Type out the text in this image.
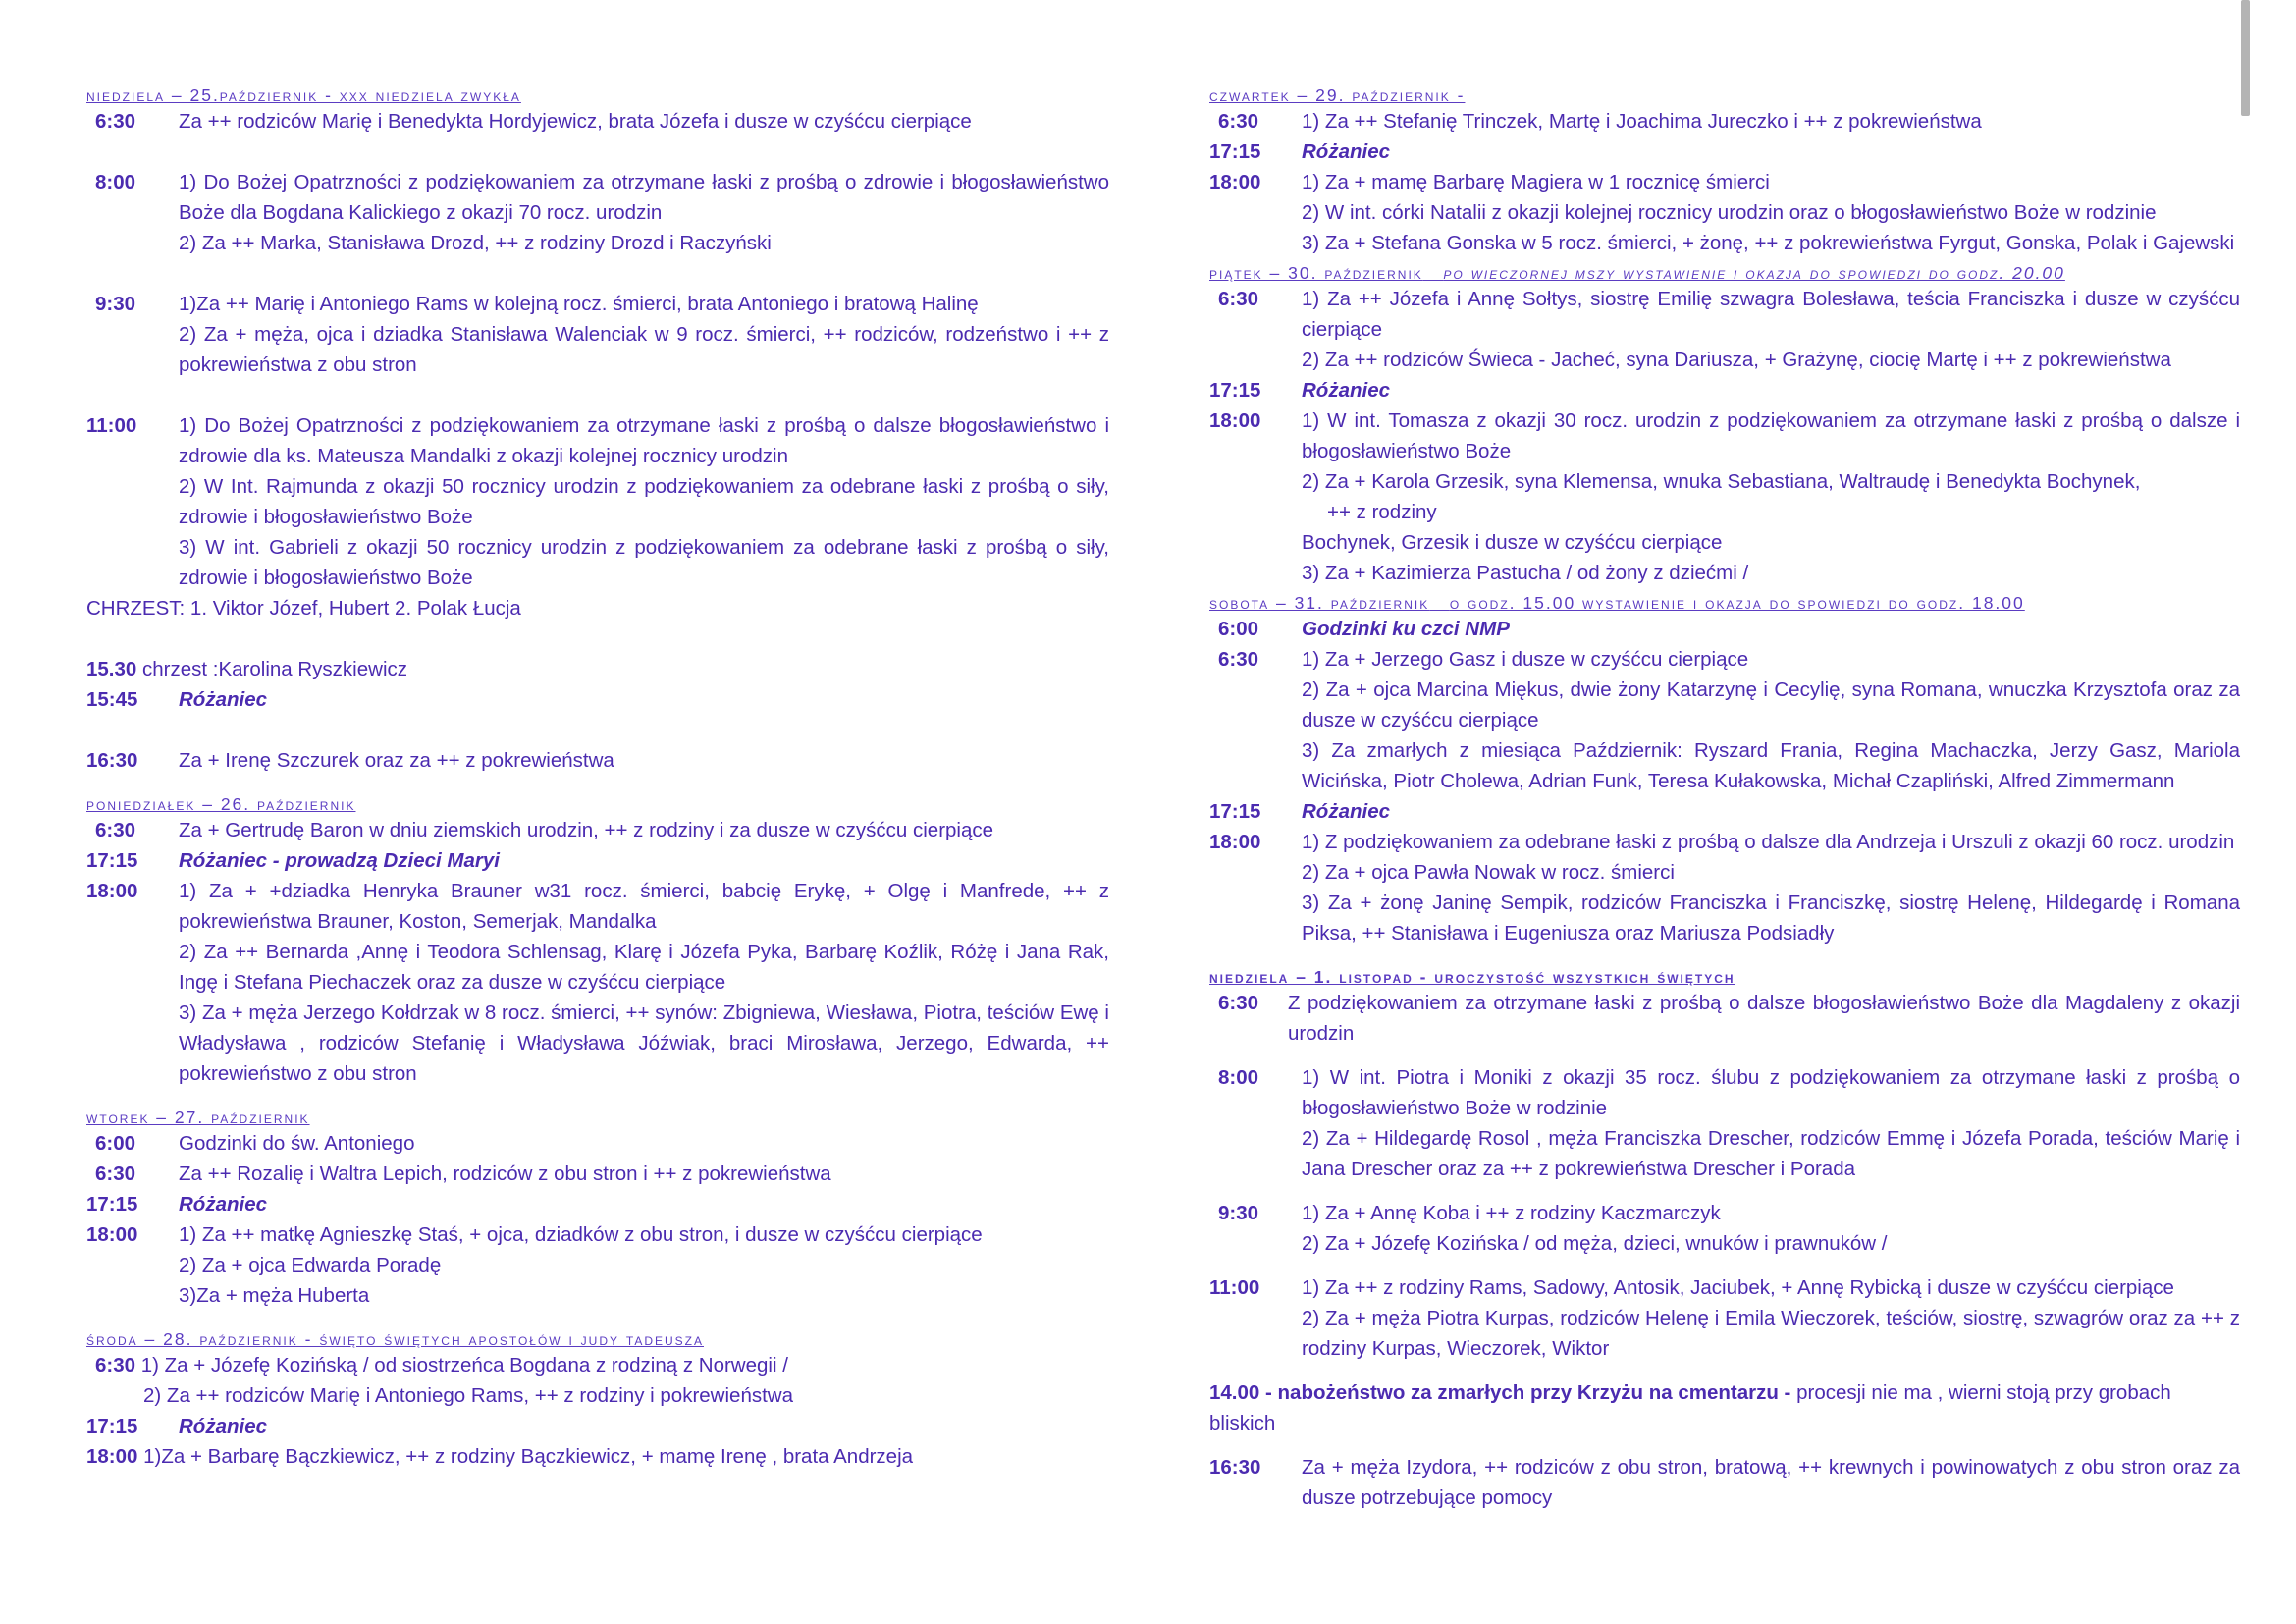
niedziela – 25.październik - xxx niedziela zwykła
6:30	Za ++ rodziców Marię i Benedykta Hordyjewicz, brata Józefa i dusze w czyśćcu cierpiące
8:00	1) Do Bożej Opatrzności z podziękowaniem za otrzymane łaski z prośbą o zdrowie i błogosławieństwo Boże dla Bogdana Kalickiego z okazji 70 rocz. urodzin
2) Za ++ Marka, Stanisława Drozd, ++ z rodziny Drozd i Raczyński
9:30	1)Za ++ Marię i Antoniego Rams w kolejną rocz. śmierci, brata Antoniego i bratową Halinę
2) Za + męża, ojca i dziadka Stanisława Walenciak w 9 rocz. śmierci, ++ rodziców, rodzeństwo i ++ z pokrewieństwa z obu stron
11:00	1) Do Bożej Opatrzności z podziękowaniem za otrzymane łaski z prośbą o dalsze błogosławieństwo i zdrowie dla ks. Mateusza Mandalki z okazji kolejnej rocznicy urodzin
2) W Int. Rajmunda z okazji 50 rocznicy urodzin z podziękowaniem za odebrane łaski z prośbą o siły, zdrowie i błogosławieństwo Boże
3) W int. Gabrieli z okazji 50 rocznicy urodzin z podziękowaniem za odebrane łaski z prośbą o siły, zdrowie i błogosławieństwo Boże
CHRZEST: 1. Viktor Józef, Hubert 2. Polak Łucja
15.30 chrzest :Karolina Ryszkiewicz
15:45	Różaniec
16:30	Za + Irenę Szczurek oraz za ++ z pokrewieństwa
poniedziałek – 26. październik
6:30	Za + Gertrudę Baron w dniu ziemskich urodzin, ++ z rodziny i za dusze w czyśćcu cierpiące
17:15	Różaniec - prowadzą Dzieci Maryi
18:00	1) Za + +dziadka Henryka Brauner w31 rocz. śmierci, babcię Erykę, + Olgę i Manfrede, ++ z pokrewieństwa Brauner, Koston, Semerjak, Mandalka
2) Za ++ Bernarda ,Annę i Teodora Schlensag, Klarę i Józefa Pyka, Barbarę Koźlik, Różę i Jana Rak, Ingę i Stefana Piechaczek oraz za dusze w czyśćcu cierpiące
3) Za + męża Jerzego Kołdrzak w 8 rocz. śmierci, ++ synów: Zbigniewa, Wiesława, Piotra, teściów Ewę i Władysława , rodziców Stefanię i Władysława Jóźwiak, braci Mirosława, Jerzego, Edwarda, ++ pokrewieństwo z obu stron
wtorek – 27. październik
6:00	Godzinki do św. Antoniego
6:30	Za ++ Rozalię i Waltra Lepich, rodziców z obu stron i ++ z pokrewieństwa
17:15	Różaniec
18:00	1) Za ++ matkę Agnieszkę Staś, + ojca, dziadków z obu stron, i dusze w czyśćcu cierpiące
2) Za + ojca Edwarda Poradę
3)Za + męża Huberta
środa – 28. październik - święto świętych apostołów i judy tadeusza
6:30 1) Za + Józefę Kozińską / od siostrzeńca Bogdana z rodziną z Norwegii /
2) Za ++ rodziców Marię i Antoniego Rams, ++ z rodziny i pokrewieństwa
17:15	Różaniec
18:00 1)Za + Barbarę Bączkiewicz, ++ z rodziny Bączkiewicz, + mamę Irenę , brata Andrzeja
czwartek – 29. październik -
6:30	1) Za ++ Stefanię Trinczek, Martę i Joachima Jureczko i ++ z pokrewieństwa
17:15	Różaniec
18:00	1) Za + mamę Barbarę Magiera w 1 rocznicę śmierci
2) W int. córki Natalii z okazji kolejnej rocznicy urodzin oraz o błogosławieństwo Boże w rodzinie
3) Za + Stefana Gonska w 5 rocz. śmierci, + żonę, ++ z pokrewieństwa Fyrgut, Gonska, Polak i Gajewski
piątek – 30. październik po wieczornej mszy wystawienie i okazja do spowiedzi do godz. 20.00
6:30	1) Za ++ Józefa i Annę Sołtys, siostrę Emilię szwagra Bolesława, teścia Franciszka i dusze w czyśćcu cierpiące
2) Za ++ rodziców Świeca - Jacheć, syna Dariusza, + Grażynę, ciocię Martę i ++ z pokrewieństwa
17:15	Różaniec
18:00	1) W int. Tomasza z okazji 30 rocz. urodzin z podziękowaniem za otrzymane łaski z prośbą o dalsze i błogosławieństwo Boże
2) Za + Karola Grzesik, syna Klemensa, wnuka Sebastiana, Waltraudę i Benedykta Bochynek,
++ z rodziny
Bochynek, Grzesik i dusze w czyśćcu cierpiące
3) Za + Kazimierza Pastucha / od żony z dziećmi /
sobota – 31. październik o godz. 15.00 wystawienie i okazja do spowiedzi do godz. 18.00
6:00	Godzinki ku czci NMP
6:30	1) Za + Jerzego Gasz i dusze w czyśćcu cierpiące
2) Za + ojca Marcina Miękus, dwie żony Katarzynę i Cecylię, syna Romana, wnuczka Krzysztofa oraz za dusze w czyśćcu cierpiące
3) Za zmarłych z miesiąca Październik: Ryszard Frania, Regina Machaczka, Jerzy Gasz, Mariola Wicińska, Piotr Cholewa, Adrian Funk, Teresa Kułakowska, Michał Czapliński, Alfred Zimmermann
17:15	Różaniec
18:00	1) Z podziękowaniem za odebrane łaski z prośbą o dalsze dla Andrzeja i Urszuli z okazji 60 rocz. urodzin
2) Za + ojca Pawła Nowak w rocz. śmierci
3) Za + żonę Janinę Sempik, rodziców Franciszka i Franciszkę, siostrę Helenę, Hildegardę i Romana Piksa, ++ Stanisława i Eugeniusza oraz Mariusza Podsiadły
niedziela – 1. listopad - uroczystość wszystkich świętych
6:30	Z podziękowaniem za otrzymane łaski z prośbą o dalsze błogosławieństwo Boże dla Magdaleny z okazji urodzin
8:00	1) W int. Piotra i Moniki z okazji 35 rocz. ślubu z podziękowaniem za otrzymane łaski z prośbą o błogosławieństwo Boże w rodzinie
2) Za + Hildegardę Rosol , męża Franciszka Drescher, rodziców Emmę i Józefa Porada, teściów Marię i Jana Drescher oraz za ++ z pokrewieństwa Drescher i Porada
9:30	1) Za + Annę Koba i ++ z rodziny Kaczmarczyk
2) Za + Józefę Kozińska / od męża, dzieci, wnuków i prawnuków /
11:00	1) Za ++ z rodziny Rams, Sadowy, Antosik, Jaciubek, + Annę Rybicką i dusze w czyśćcu cierpiące
2) Za + męża Piotra Kurpas, rodziców Helenę i Emila Wieczorek, teściów, siostrę, szwagrów oraz za ++ z rodziny Kurpas, Wieczorek, Wiktor
14.00 - nabożeństwo za zmarłych przy Krzyżu na cmentarzu - procesji nie ma , wierni stoją przy grobach bliskich
16:30	Za + męża Izydora, ++ rodziców z obu stron, bratową, ++ krewnych i powinowatych z obu stron oraz za dusze potrzebujące pomocy
